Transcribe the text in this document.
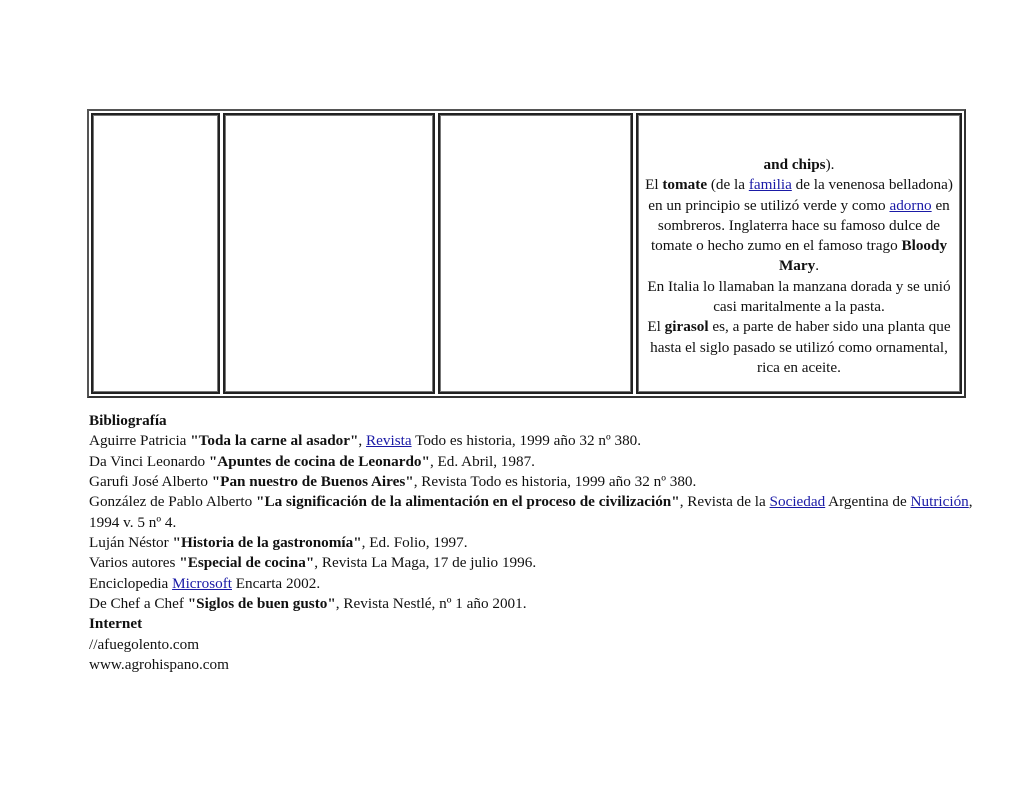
and chips).
El tomate (de la familia de la venenosa belladona) en un principio se utilizó verde y como adorno en sombreros. Inglaterra hace su famoso dulce de tomate o hecho zumo en el famoso trago Bloody Mary.
En Italia lo llamaban la manzana dorada y se unió casi maritalmente a la pasta.
El girasol es, a parte de haber sido una planta que hasta el siglo pasado se utilizó como ornamental, rica en aceite.
Bibliografía
Aguirre Patricia "Toda la carne al asador", Revista Todo es historia, 1999 año 32 nº 380.
Da Vinci Leonardo "Apuntes de cocina de Leonardo", Ed. Abril, 1987.
Garufi José Alberto "Pan nuestro de Buenos Aires", Revista Todo es historia, 1999 año 32 nº 380.
González de Pablo Alberto "La significación de la alimentación en el proceso de civilización", Revista de la Sociedad Argentina de Nutrición, 1994 v. 5 nº 4.
Luján Néstor "Historia de la gastronomía", Ed. Folio, 1997.
Varios autores "Especial de cocina", Revista La Maga, 17 de julio 1996.
Enciclopedia Microsoft Encarta 2002.
De Chef a Chef "Siglos de buen gusto", Revista Nestlé, nº 1 año 2001.
Internet
//afuegolento.com
www.agrohispano.com
